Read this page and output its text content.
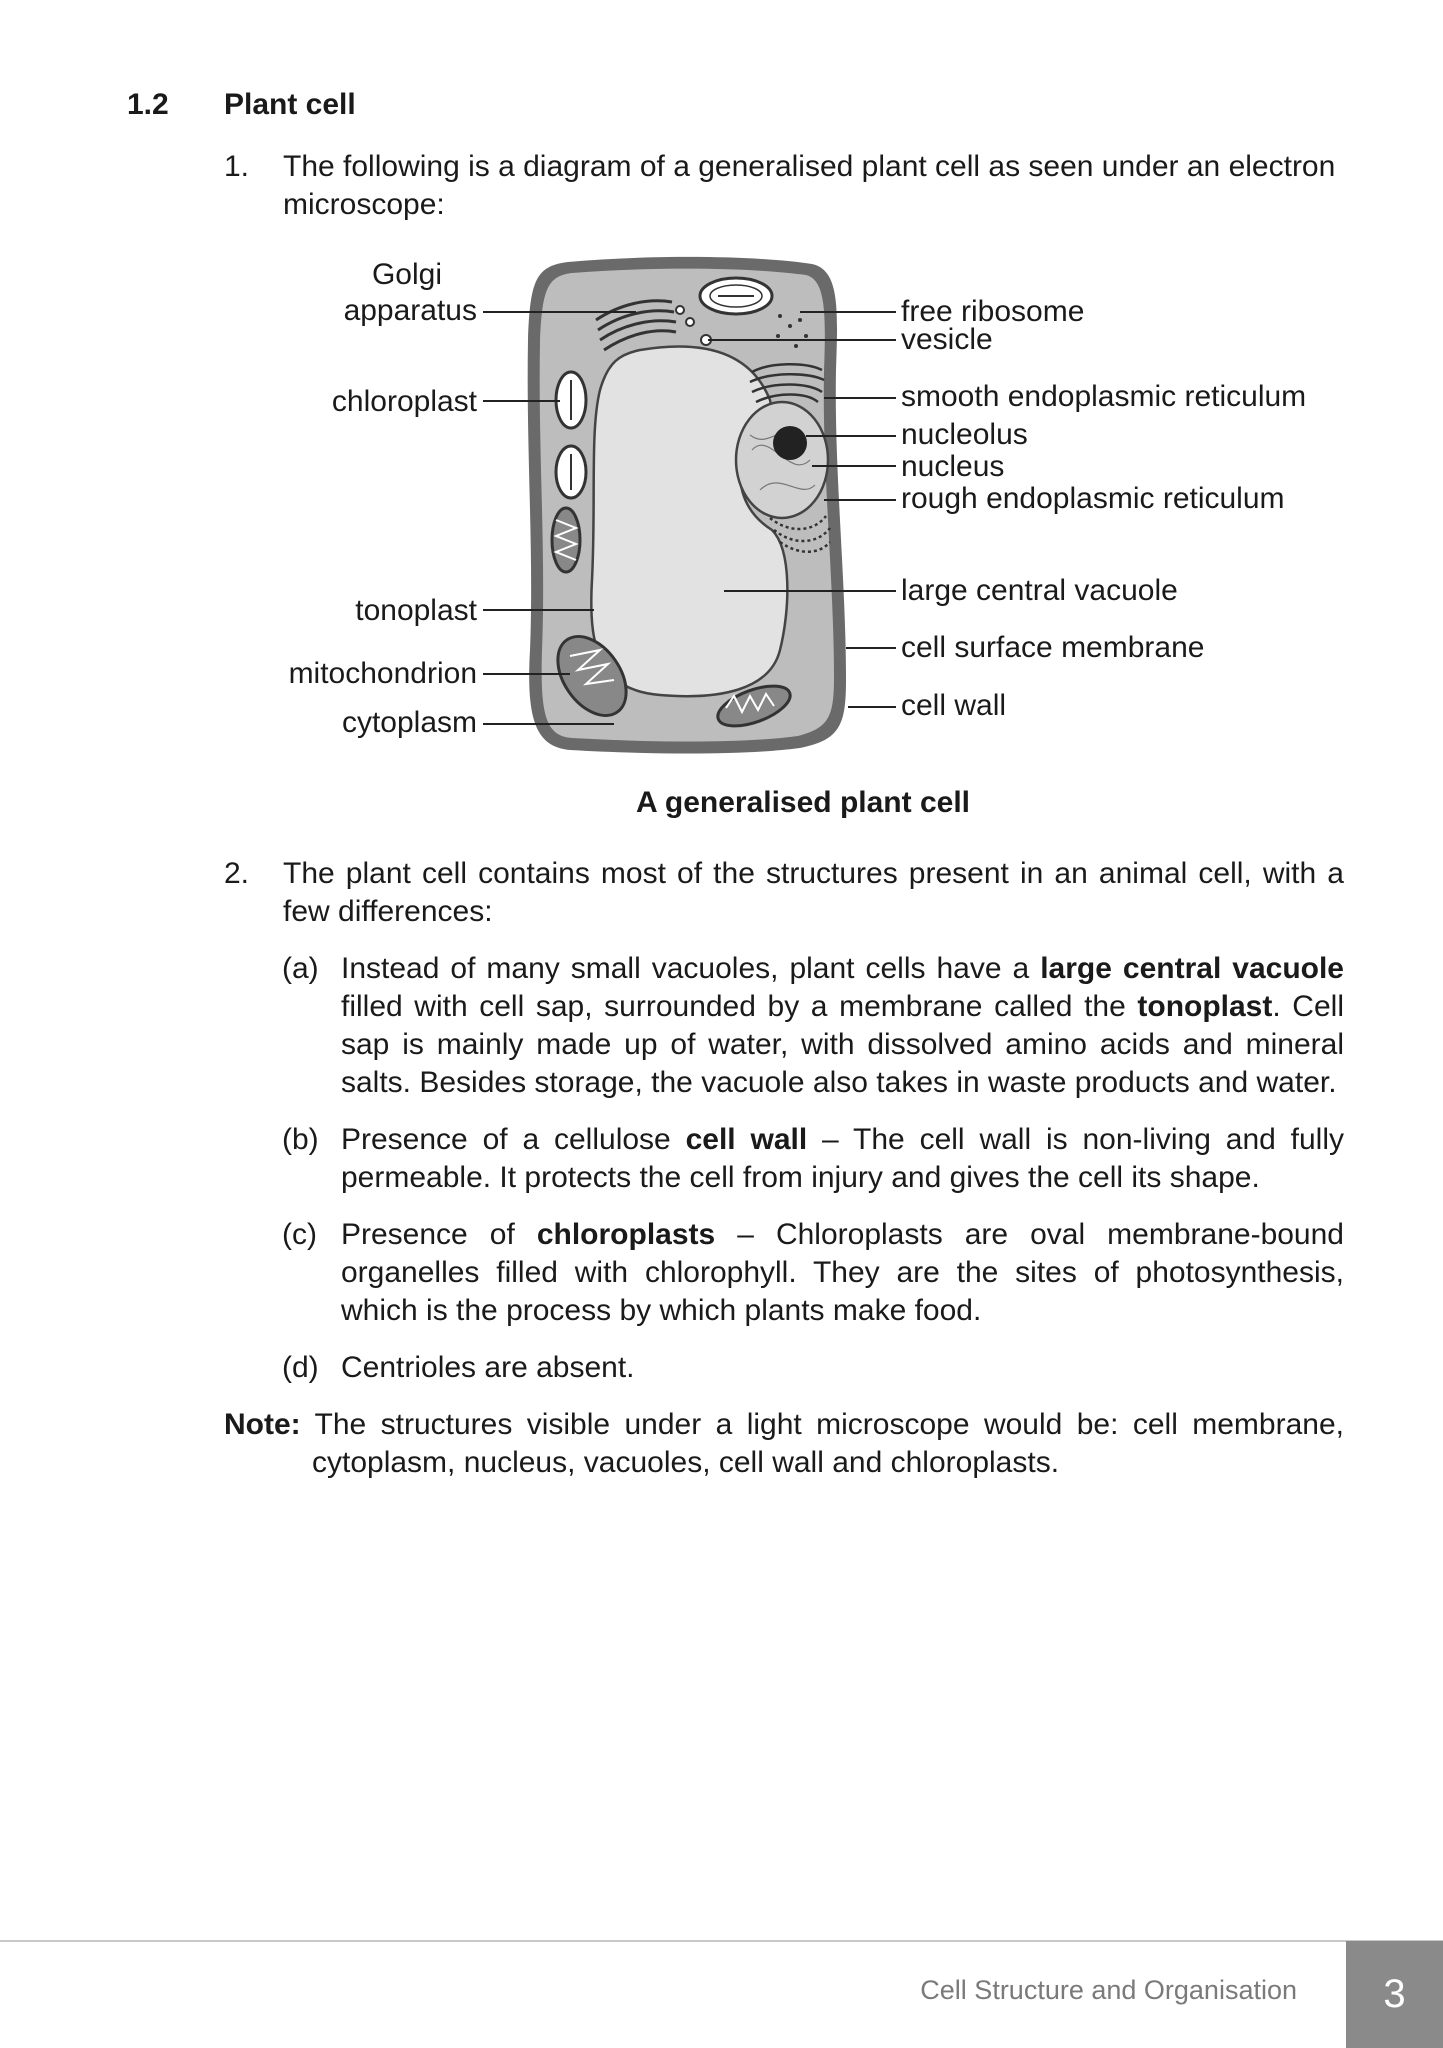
1.2 Plant cell
1. The following is a diagram of a generalised plant cell as seen under an electron microscope:
Golgi
apparatus
chloroplast
tonoplast
mitochondrion
cytoplasm
free ribosome
vesicle
smooth endoplasmic reticulum
nucleolus
nucleus
rough endoplasmic reticulum
large central vacuole
cell surface membrane
cell wall
A generalised plant cell
2. The plant cell contains most of the structures present in an animal cell, with a few differences:
(a) Instead of many small vacuoles, plant cells have a large central vacuole filled with cell sap, surrounded by a membrane called the tonoplast. Cell sap is mainly made up of water, with dissolved amino acids and mineral salts. Besides storage, the vacuole also takes in waste products and water.
(b) Presence of a cellulose cell wall – The cell wall is non-living and fully permeable. It protects the cell from injury and gives the cell its shape.
(c) Presence of chloroplasts – Chloroplasts are oval membrane-bound organelles filled with chlorophyll. They are the sites of photosynthesis, which is the process by which plants make food.
(d) Centrioles are absent.
Note: The structures visible under a light microscope would be: cell membrane, cytoplasm, nucleus, vacuoles, cell wall and chloroplasts.
Cell Structure and Organisation	3
